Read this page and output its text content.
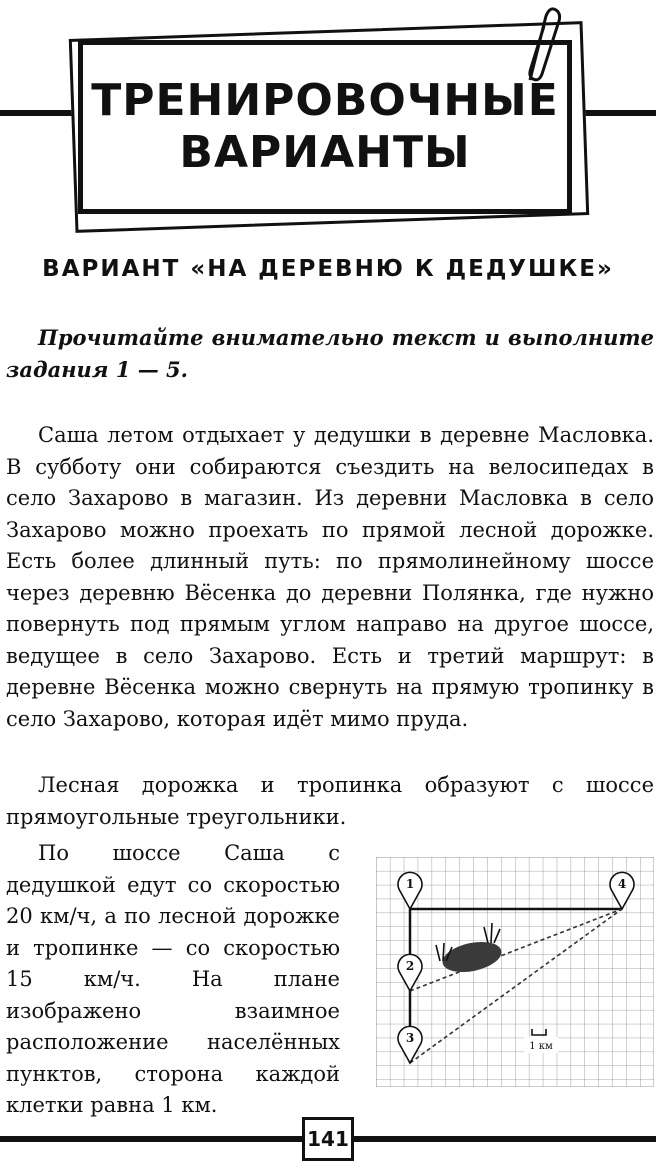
ТРЕНИРОВОЧНЫЕ

ВАРИАНТЫ

ВАРИАНТ «НА ДЕРЕВНЮ К ДЕДУШКЕ»

Прочитайте внимательно текст и выполните задания 1 — 5.

Саша летом отдыхает у дедушки в деревне Масловка. В субботу они собираются съездить на велосипедах в село Захарово в магазин. Из деревни Масловка в село Захарово можно проехать по прямой лесной дорожке. Есть более длинный путь: по прямолинейному шоссе через деревню Вёсенка до деревни Полянка, где нужно повернуть под прямым углом направо на другое шоссе, ведущее в село Захарово. Есть и третий маршрут: в деревне Вёсенка можно свернуть на прямую тропинку в село Захарово, которая идёт мимо пруда.

Лесная дорожка и тропинка образуют с шоссе прямоугольные треугольники.

По шоссе Саша с дедушкой едут со скоростью 20 км/ч, а по лесной дорожке и тропинке — со скоростью 15 км/ч. На плане изображено взаимное расположение населённых пунктов, сторона каждой клетки равна 1 км.

1 км
1
2
3
4
141
